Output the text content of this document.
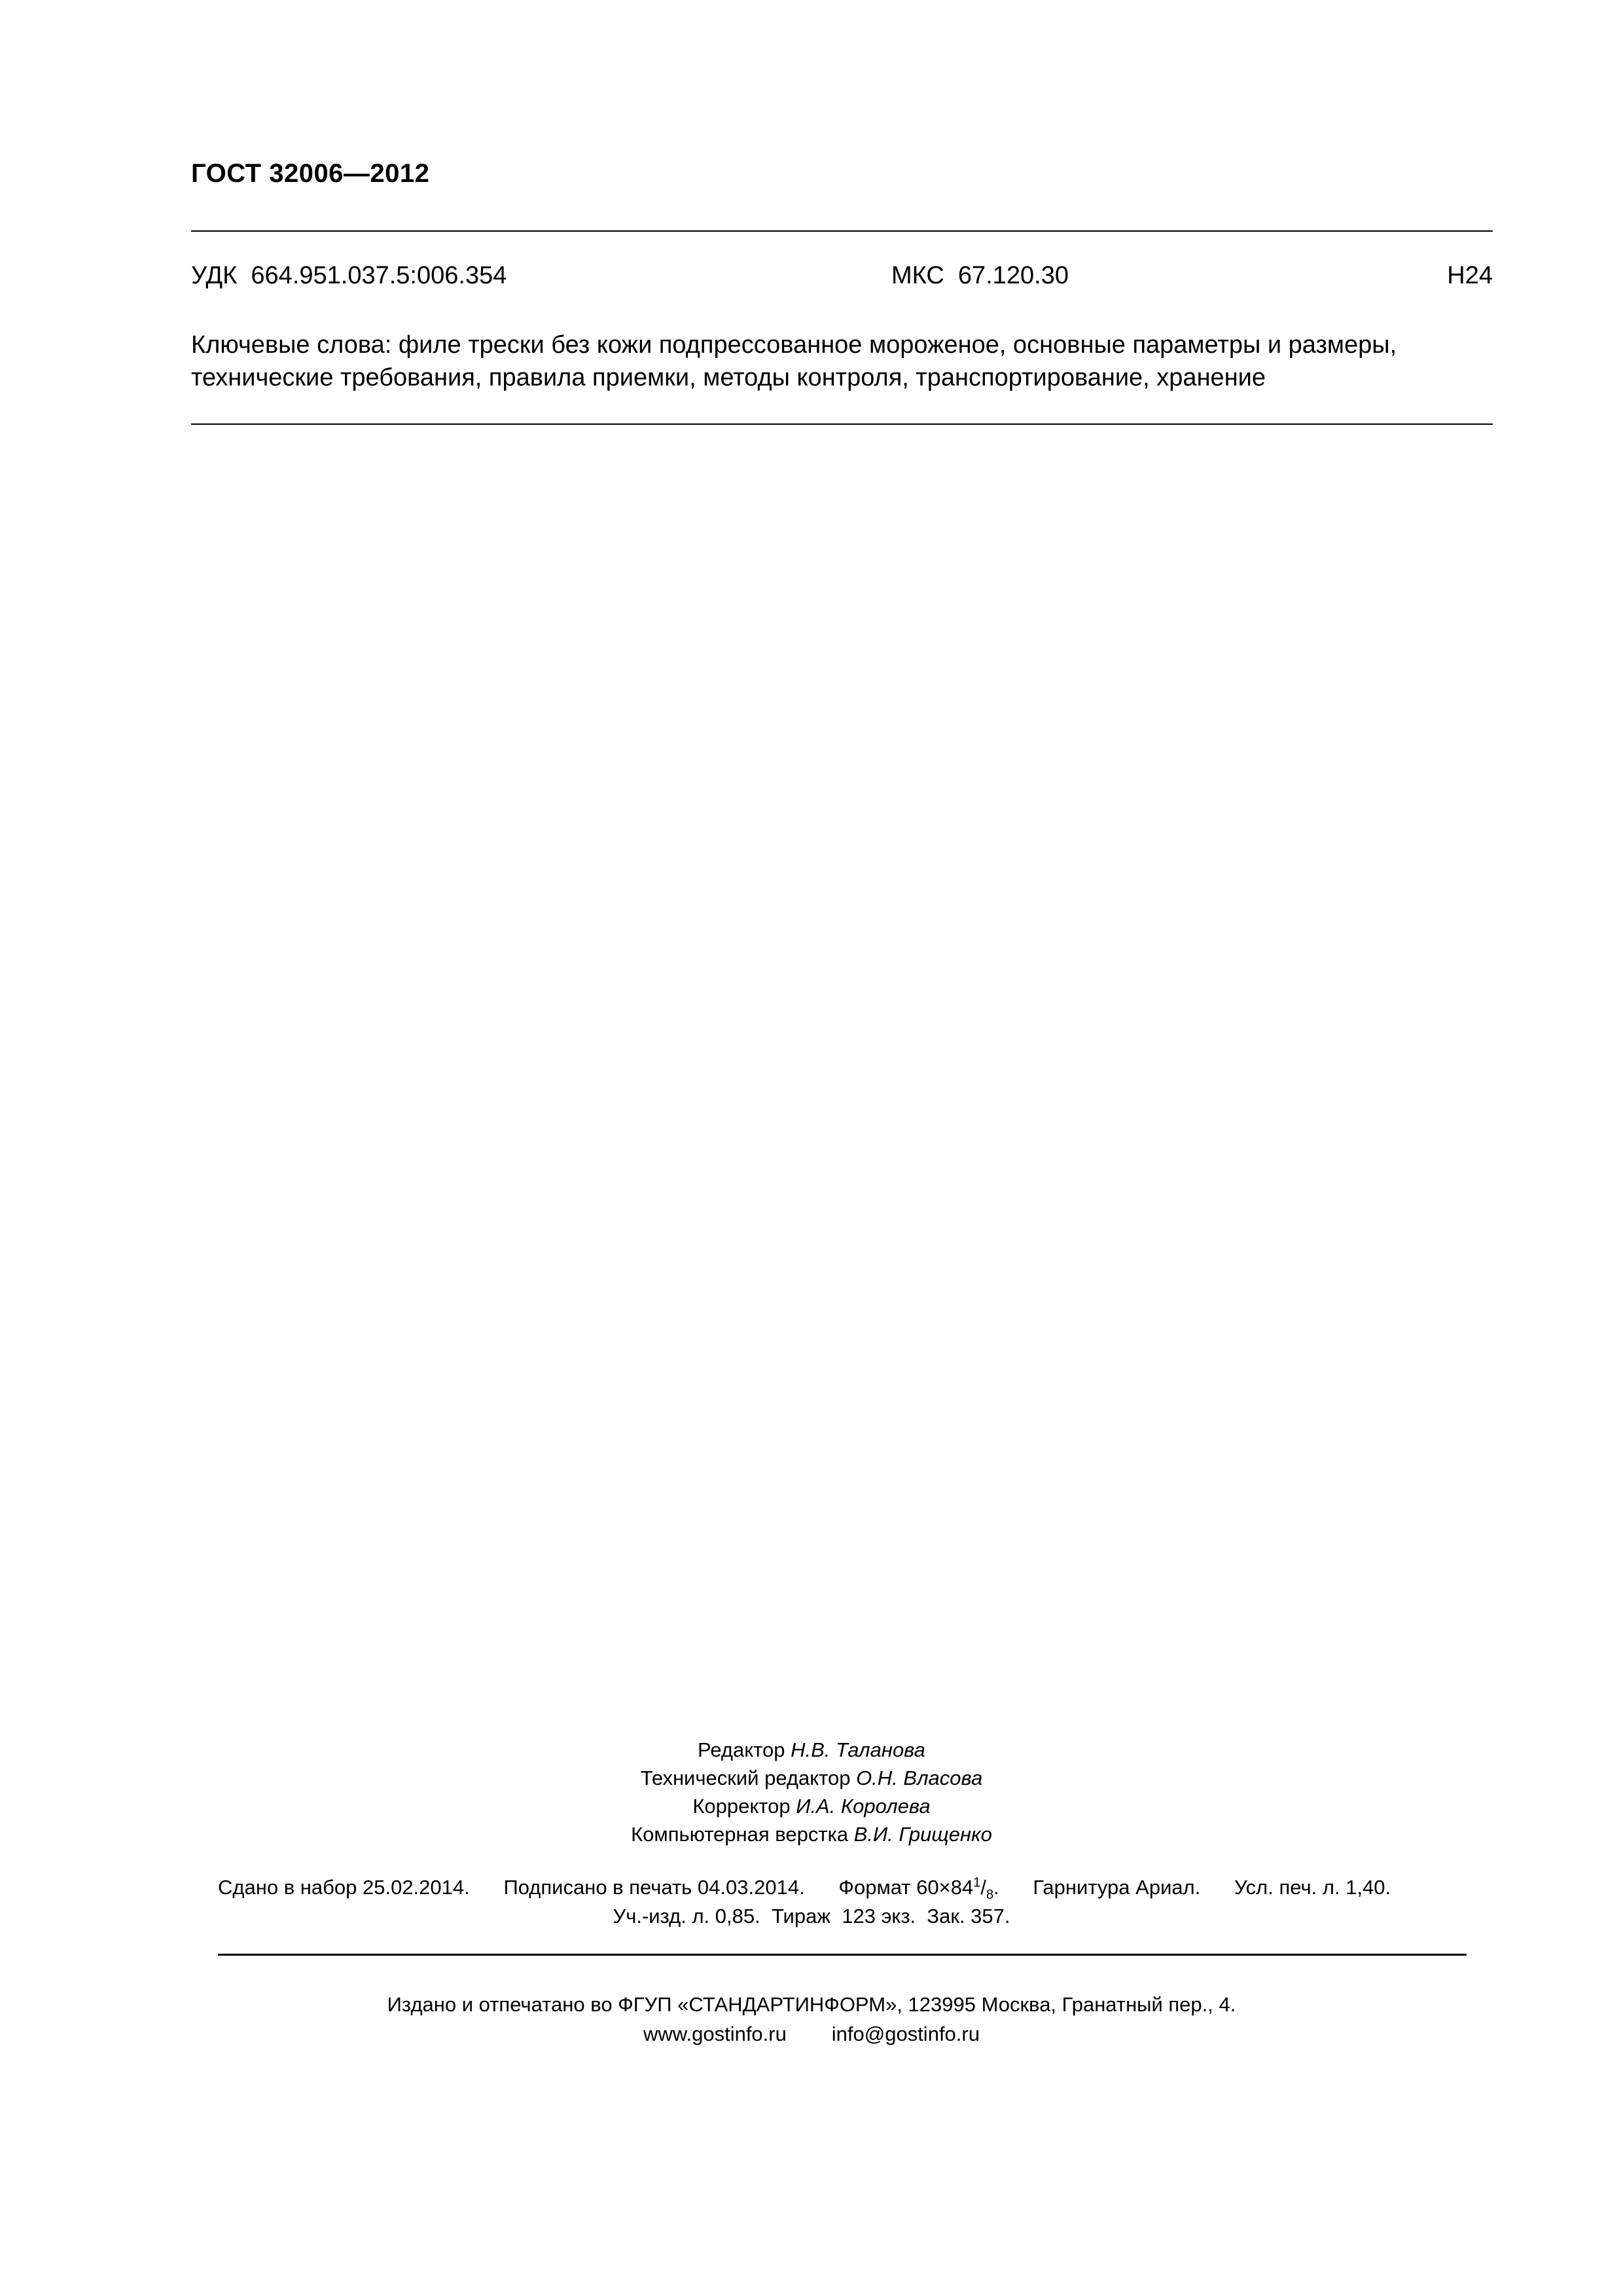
ГОСТ 32006—2012
УДК  664.951.037.5:006.354	МКС  67.120.30	Н24
Ключевые слова: филе трески без кожи подпрессованное мороженое, основные параметры и размеры,
технические требования, правила приемки, методы контроля, транспортирование, хранение
Редактор Н.В. Таланова
Технический редактор О.Н. Власова
Корректор И.А. Королева
Компьютерная верстка В.И. Грищенко
Сдано в набор 25.02.2014. Подписано в печать 04.03.2014. Формат $60\times 84^1/_8$. Гарнитура Ариал. Усл. печ. л. 1,40.
Уч.-изд. л. 0,85.  Тираж  123 экз.  Зак. 357.
Издано и отпечатано во ФГУП «СТАНДАРТИНФОРМ», 123995 Москва, Гранатный пер., 4.
www.gostinfo.ru info@gostinfo.ru
